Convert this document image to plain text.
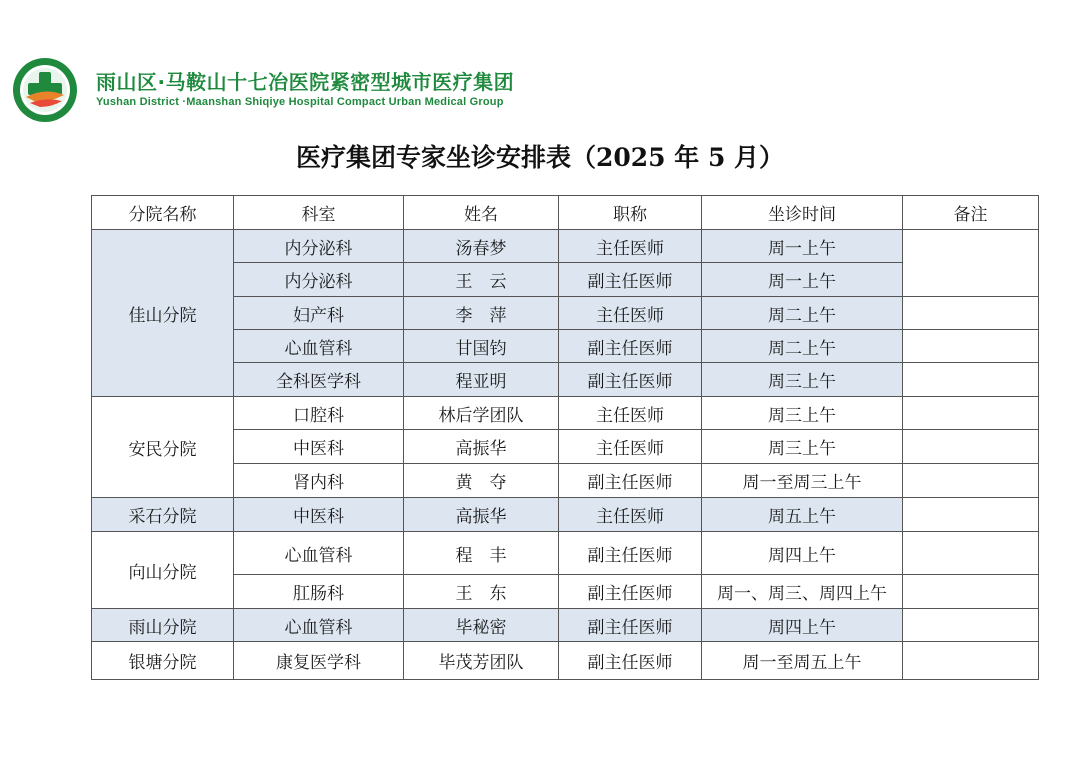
雨山区·马鞍山十七冶医院紧密型城市医疗集团
Yushan District ·Maanshan Shiqiye Hospital Compact Urban Medical Group
医疗集团专家坐诊安排表（2025 年 5 月）
分院名称	科室	姓名	职称	坐诊时间	备注
佳山分院	内分泌科	汤春梦	主任医师	周一上午	
	内分泌科	王　云	副主任医师	周一上午	
	妇产科	李　萍	主任医师	周二上午	
	心血管科	甘国钧	副主任医师	周二上午	
	全科医学科	程亚明	副主任医师	周三上午	
安民分院	口腔科	林后学团队	主任医师	周三上午	
	中医科	高振华	主任医师	周三上午	
	肾内科	黄　夺	副主任医师	周一至周三上午	
采石分院	中医科	高振华	主任医师	周五上午	
向山分院	心血管科	程　丰	副主任医师	周四上午	
	肛肠科	王　东	副主任医师	周一、周三、周四上午	
雨山分院	心血管科	毕秘密	副主任医师	周四上午	
银塘分院	康复医学科	毕茂芳团队	副主任医师	周一至周五上午	
